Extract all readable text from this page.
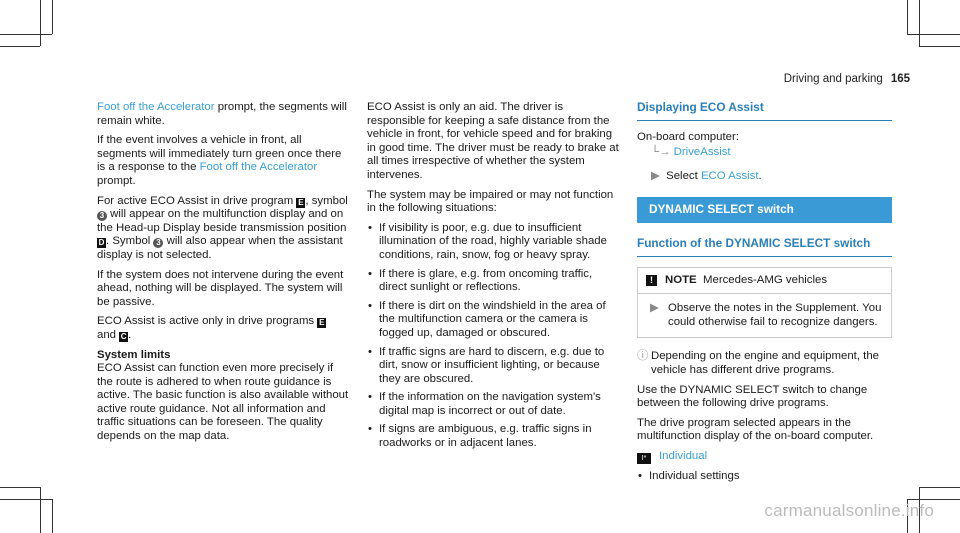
Driving and parking 165

Foot off the Accelerator prompt, the segments will remain white.

If the event involves a vehicle in front, all segments will immediately turn green once there is a response to the Foot off the Accelerator prompt.

For active ECO Assist in drive program E , symbol 3 will appear on the multifunction display and on the Head-up Display beside transmission position D . Symbol 3 will also appear when the assistant display is not selected.

If the system does not intervene during the event ahead, nothing will be displayed. The system will be passive.

ECO Assist is active only in drive programs E
and C .

System limits

ECO Assist can function even more precisely if the route is adhered to when route guidance is active. The basic function is also available without active route guidance. Not all information and traffic situations can be foreseen. The quality depends on the map data.

ECO Assist is only an aid. The driver is responsible for keeping a safe distance from the vehicle in front, for vehicle speed and for braking in good time. The driver must be ready to brake at all times irrespective of whether the system intervenes.

The system may be impaired or may not function in the following situations:

• If visibility is poor, e.g. due to insufficient illumination of the road, highly variable shade conditions, rain, snow, fog or heavy spray.
• If there is glare, e.g. from oncoming traffic, direct sunlight or reflections.
• If there is dirt on the windshield in the area of the multifunction camera or the camera is fogged up, damaged or obscured.
• If traffic signs are hard to discern, e.g. due to dirt, snow or insufficient lighting, or because they are obscured.
• If the information on the navigation system's digital map is incorrect or out of date.
• If signs are ambiguous, e.g. traffic signs in roadworks or in adjacent lanes.
Displaying ECO Assist

On-board computer:

└→ DriveAssist

▶ Select ECO Assist.

DYNAMIC SELECT switch
Function of the DYNAMIC SELECT switch
! NOTE Mercedes-AMG vehicles
▶ Observe the notes in the Supplement. You could otherwise fail to recognize dangers.

ⓘ Depending on the engine and equipment, the vehicle has different drive programs.

Use the DYNAMIC SELECT switch to change between the following drive programs.

The drive program selected appears in the multifunction display of the on-board computer.

I* Individual

• Individual settings
carmanualsonline.info
